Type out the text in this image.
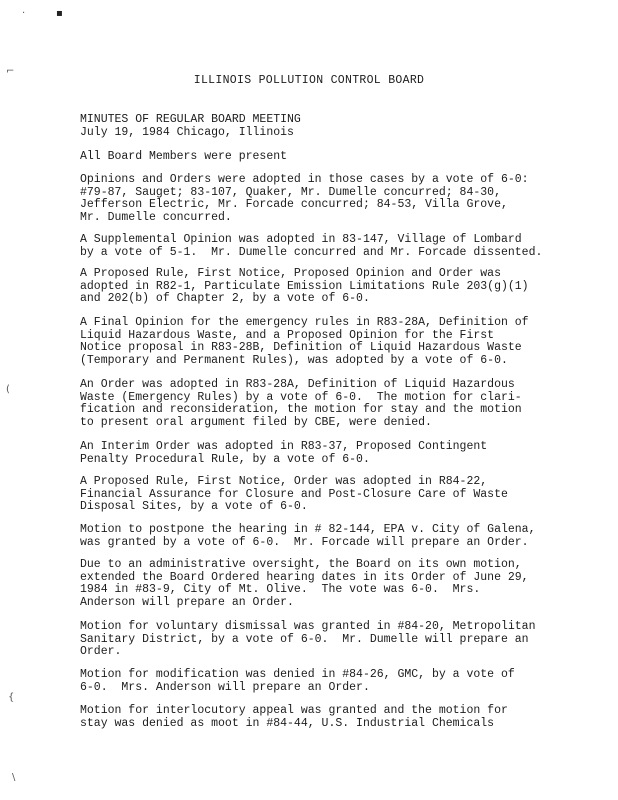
·	▪
⌐
(
{
\
ILLINOIS POLLUTION CONTROL BOARD
MINUTES OF REGULAR BOARD MEETING
July 19, 1984 Chicago, Illinois
All Board Members were present
Opinions and Orders were adopted in those cases by a vote of 6-0:
#79-87, Sauget; 83-107, Quaker, Mr. Dumelle concurred; 84-30,
Jefferson Electric, Mr. Forcade concurred; 84-53, Villa Grove,
Mr. Dumelle concurred.
A Supplemental Opinion was adopted in 83-147, Village of Lombard
by a vote of 5-1.  Mr. Dumelle concurred and Mr. Forcade dissented.
A Proposed Rule, First Notice, Proposed Opinion and Order was
adopted in R82-1, Particulate Emission Limitations Rule 203(g)(1)
and 202(b) of Chapter 2, by a vote of 6-0.
A Final Opinion for the emergency rules in R83-28A, Definition of
Liquid Hazardous Waste, and a Proposed Opinion for the First
Notice proposal in R83-28B, Definition of Liquid Hazardous Waste
(Temporary and Permanent Rules), was adopted by a vote of 6-0.
An Order was adopted in R83-28A, Definition of Liquid Hazardous
Waste (Emergency Rules) by a vote of 6-0.  The motion for clari-
fication and reconsideration, the motion for stay and the motion
to present oral argument filed by CBE, were denied.
An Interim Order was adopted in R83-37, Proposed Contingent
Penalty Procedural Rule, by a vote of 6-0.
A Proposed Rule, First Notice, Order was adopted in R84-22,
Financial Assurance for Closure and Post-Closure Care of Waste
Disposal Sites, by a vote of 6-0.
Motion to postpone the hearing in # 82-144, EPA v. City of Galena,
was granted by a vote of 6-0.  Mr. Forcade will prepare an Order.
Due to an administrative oversight, the Board on its own motion,
extended the Board Ordered hearing dates in its Order of June 29,
1984 in #83-9, City of Mt. Olive.  The vote was 6-0.  Mrs.
Anderson will prepare an Order.
Motion for voluntary dismissal was granted in #84-20, Metropolitan
Sanitary District, by a vote of 6-0.  Mr. Dumelle will prepare an
Order.
Motion for modification was denied in #84-26, GMC, by a vote of
6-0.  Mrs. Anderson will prepare an Order.
Motion for interlocutory appeal was granted and the motion for
stay was denied as moot in #84-44, U.S. Industrial Chemicals
